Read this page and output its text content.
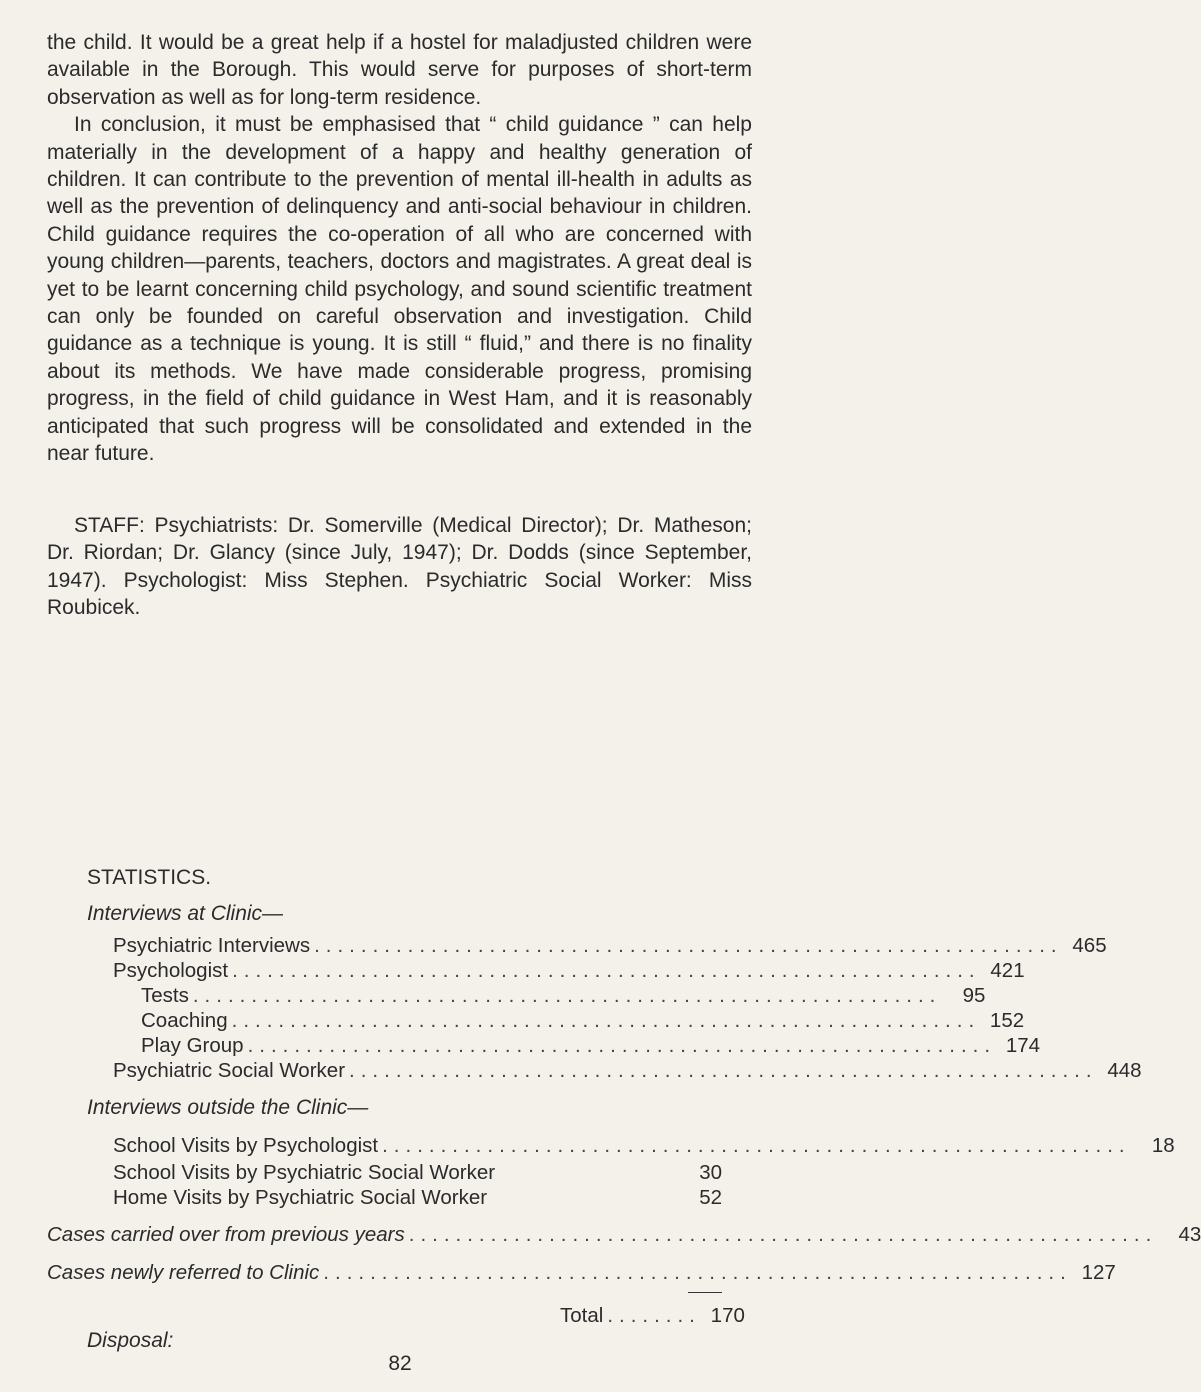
the child. It would be a great help if a hostel for maladjusted children were available in the Borough. This would serve for purposes of short-term observation as well as for long-term residence.

In conclusion, it must be emphasised that “ child guidance ” can help materially in the development of a happy and healthy generation of children. It can contribute to the prevention of mental ill-health in adults as well as the prevention of delinquency and anti-social behaviour in children. Child guidance requires the co-operation of all who are concerned with young children—parents, teachers, doctors and magistrates. A great deal is yet to be learnt concerning child psychology, and sound scientific treatment can only be founded on careful observation and investigation. Child guidance as a technique is young. It is still “ fluid,” and there is no finality about its methods. We have made considerable progress, promising progress, in the field of child guidance in West Ham, and it is reasonably anticipated that such progress will be consolidated and extended in the near future.

STAFF: Psychiatrists: Dr. Somerville (Medical Director); Dr. Matheson; Dr. Riordan; Dr. Glancy (since July, 1947); Dr. Dodds (since September, 1947). Psychologist: Miss Stephen. Psychiatric Social Worker: Miss Roubicek.

STATISTICS.
Interviews at Clinic—
Psychiatric Interviews ................................................................ 465
Psychologist ................................................................ 421
Tests ................................................................	95
Coaching ................................................................ 152
Play Group ................................................................ 174
Psychiatric Social Worker ................................................................ 448
Interviews outside the Clinic—
School Visits by Psychologist ................................................................	18
School Visits by Psychiatric Social Worker	30
Home Visits by Psychiatric Social Worker	52
Cases carried over from previous years ................................................................	43
Cases newly referred to Clinic ................................................................ 127
Total ........ 170
Disposal:
82
